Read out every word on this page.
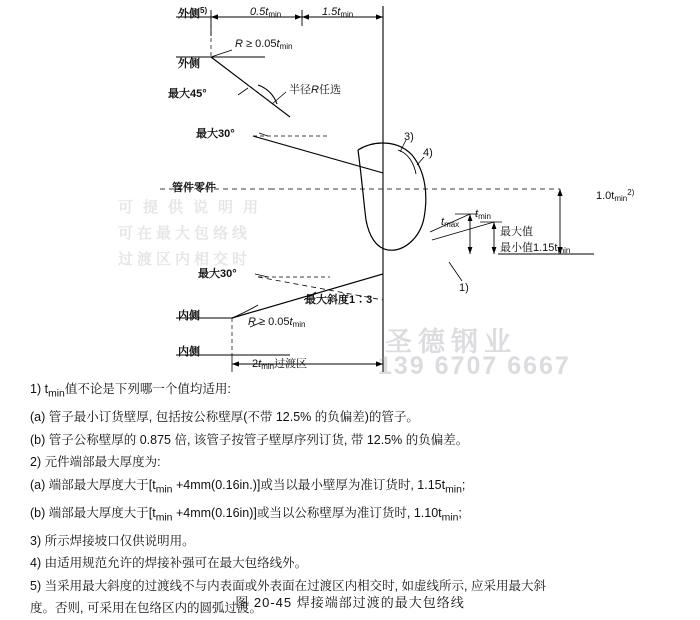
$0.5t_{min}$	$1.5t_{min}$
外侧$^{5)}$
外侧
$R \ge 0.05t_{min}$
最大45°	半径R任选
最大30°	3)
4)
管件零件
$1.0t_{min}^{2)}$
最大值
最小值$1.15t_{min}$
$t_{max}$
$t_{min}$
1)
最大30°
最大斜度1∶3
内侧
内侧
$R \ge 0.05t_{min}$
$2t_{min}$过渡区
圣德钢业
139 6707 6667
可提供说明用
可在最大包络线
过渡区内相交时
1) $t_{min}$值不论是下列哪一个值均适用:
(a) 管子最小订货壁厚, 包括按公称壁厚(不带 12.5% 的负偏差)的管子。
(b) 管子公称壁厚的 0.875 倍, 该管子按管子壁厚序列订货, 带 12.5% 的负偏差。
2) 元件端部最大厚度为:
(a) 端部最大厚度大于$[t_{min} +4mm(0.16in.)]$或当以最小壁厚为准订货时, $1.15t_{min}$;
(b) 端部最大厚度大于$[t_{min} +4mm(0.16in)]$或当以公称壁厚为准订货时, $1.10t_{min}$;
3) 所示焊接坡口仅供说明用。
4) 由适用规范允许的焊接补强可在最大包络线外。
5) 当采用最大斜度的过渡线不与内表面或外表面在过渡区内相交时, 如虚线所示, 应采用最大斜
度。否则, 可采用在包络区内的圆弧过渡。
图 20-45 焊接端部过渡的最大包络线
